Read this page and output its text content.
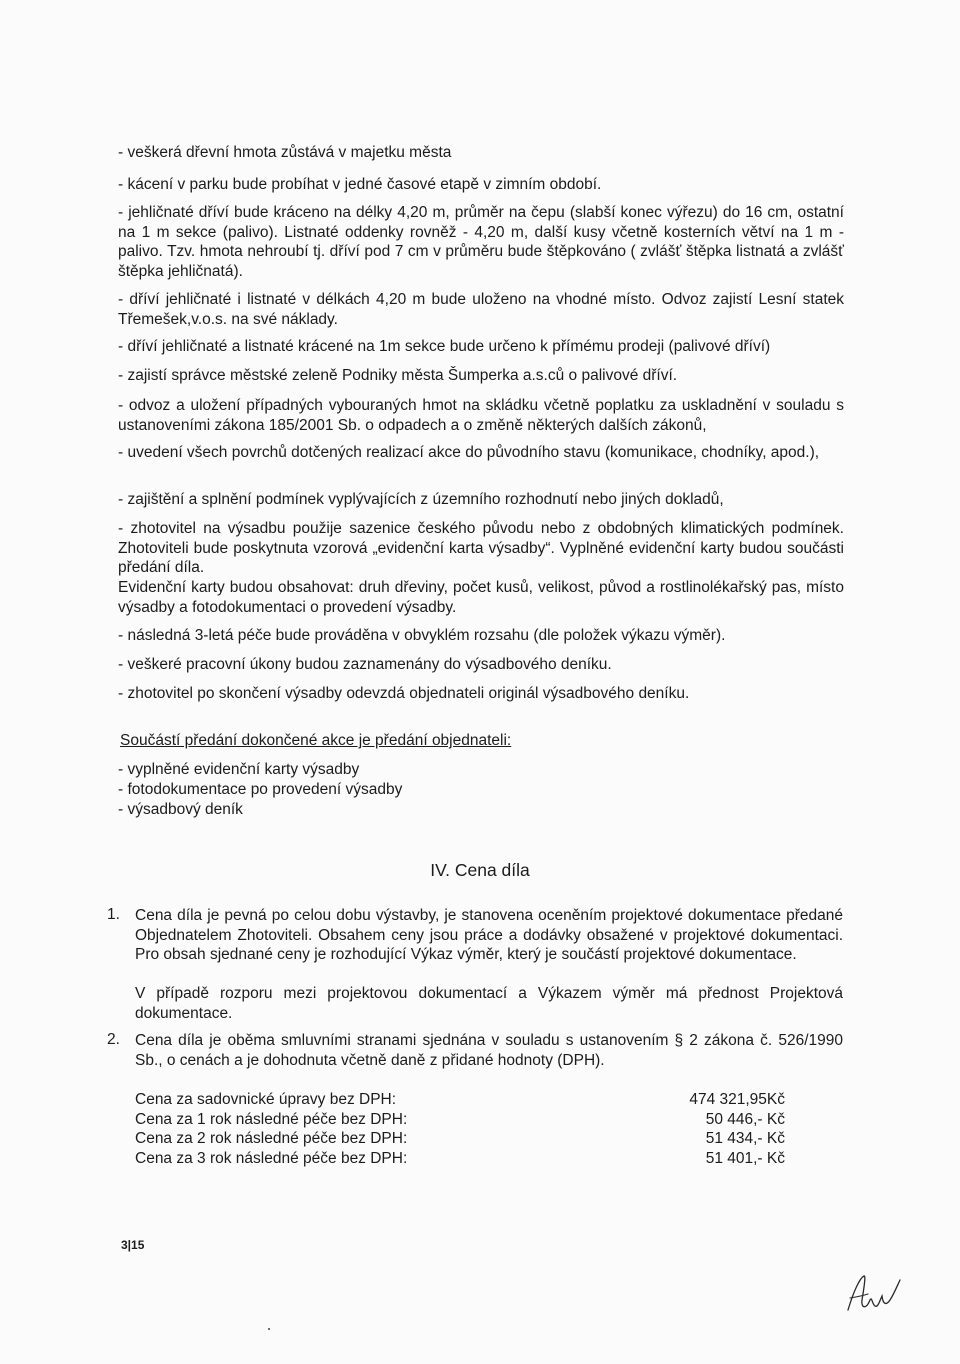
- veškerá dřevní hmota zůstává v majetku města
- kácení v parku bude probíhat v jedné časové etapě v zimním období.
- jehličnaté dříví bude kráceno na délky 4,20 m, průměr na čepu (slabší konec výřezu) do 16 cm, ostatní na 1 m sekce (palivo). Listnaté oddenky rovněž - 4,20 m, další kusy včetně kosterních větví na 1 m - palivo. Tzv. hmota nehroubí tj. dříví pod 7 cm v průměru bude štěpkováno ( zvlášť štěpka listnatá a zvlášť štěpka jehličnatá).
- dříví jehličnaté i listnaté v délkách 4,20 m bude uloženo na vhodné místo. Odvoz zajistí Lesní statek Třemešek,v.o.s. na své náklady.
- dříví jehličnaté a listnaté krácené na 1m sekce bude určeno k přímému prodeji (palivové dříví)
- zajistí správce městské zeleně Podniky města Šumperka a.s.ců o palivové dříví.
- odvoz a uložení případných vybouraných hmot na skládku včetně poplatku za uskladnění v souladu s ustanoveními zákona 185/2001 Sb. o odpadech a o změně některých dalších zákonů,
- uvedení všech povrchů dotčených realizací akce do původního stavu (komunikace, chodníky, apod.),
- zajištění a splnění podmínek vyplývajících z územního rozhodnutí nebo jiných dokladů,
- zhotovitel na výsadbu použije sazenice českého původu nebo z obdobných klimatických podmínek. Zhotoviteli bude poskytnuta vzorová „evidenční karta výsadby“. Vyplněné evidenční karty budou součásti předání díla.
Evidenční karty budou obsahovat: druh dřeviny, počet kusů, velikost, původ a rostlinolékařský pas, místo výsadby a fotodokumentaci o provedení výsadby.
- následná 3-letá péče bude prováděna v obvyklém rozsahu (dle položek výkazu výměr).
- veškeré pracovní úkony budou zaznamenány do výsadbového deníku.
- zhotovitel po skončení výsadby odevzdá objednateli originál výsadbového deníku.
Součástí předání dokončené akce je předání objednateli:
- vyplněné evidenční karty výsadby
- fotodokumentace po provedení výsadby
- výsadbový deník
IV. Cena díla
1. Cena díla je pevná po celou dobu výstavby, je stanovena oceněním projektové dokumentace předané Objednatelem Zhotoviteli. Obsahem ceny jsou práce a dodávky obsažené v projektové dokumentaci. Pro obsah sjednané ceny je rozhodující Výkaz výměr, který je součástí projektové dokumentace.
V případě rozporu mezi projektovou dokumentací a Výkazem výměr má přednost Projektová dokumentace.
2. Cena díla je oběma smluvními stranami sjednána v souladu s ustanovením § 2 zákona č. 526/1990 Sb., o cenách a je dohodnuta včetně daně z přidané hodnoty (DPH).
Cena za sadovnické úpravy bez DPH:	474 321,95Kč
Cena za 1 rok následné péče bez DPH:	50 446,- Kč
Cena za 2 rok následné péče bez DPH:	51 434,- Kč
Cena za 3 rok následné péče bez DPH:	51 401,- Kč
3|15
